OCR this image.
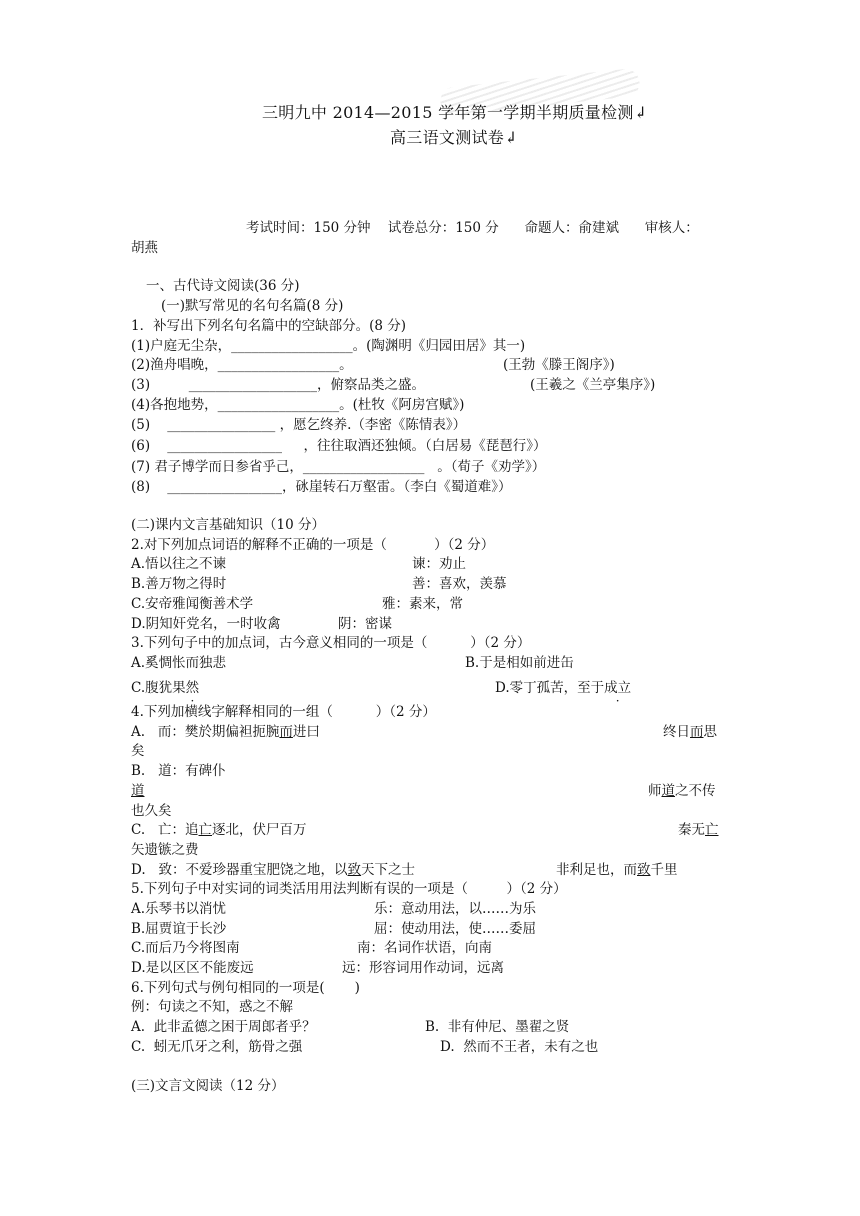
三明九中 2014—2015 学年第一学期半期质量检测↲
高三语文测试卷↲
考试时间：150 分钟    试卷总分：150 分      命题人：俞建斌      审核人：
胡燕
一、古代诗文阅读(36 分)
(一)默写常见的名句名篇(8 分)
1．补写出下列名句名篇中的空缺部分。(8 分)
(1)户庭无尘杂，__________________。(陶渊明《归园田居》其一)
(2)渔舟唱晚，__________________。	(王勃《滕王阁序》)
(3)         ___________________，俯察品类之盛。	(王羲之《兰亭集序》)
(4)各抱地势，__________________。(杜牧《阿房宫赋》)
(5)    ________________ ，愿乞终养.（李密《陈情表》）
(6)    _________________     ，往往取酒还独倾。（白居易《琵琶行》）
(7) 君子博学而日参省乎己，__________________   。（荀子《劝学》）
(8)    _________________，砯崖转石万壑雷。（李白《蜀道难》）
(二)课内文言基础知识（10 分）
2.对下列加点词语的解释不正确的一项是（           ）（2 分）
A.悟以往之不谏	谏：劝止
B.善万物之得时	善：喜欢，羡慕
C.安帝雅闻衡善术学	雅：素来，常
D.阴知奸党名，一时收禽	阴：密谋
3.下列句子中的加点词，古今意义相同的一项是（          ）（2 分）
A.奚惆怅而独悲	B.于是相如前进缶
C.腹犹果然	D.零丁孤苦，至于成立
4.下列加横线字解释相同的一组（          ）（2 分）
A.   而：樊於期偏袒扼腕而进曰	终日而思
矣
B.   道：有碑仆
道	师道之不传
也久矣
C.   亡：追亡逐北，伏尸百万	秦无亡
矢遗镞之费
D.   致：不爱珍器重宝肥饶之地，以致天下之士	非利足也，而致千里
5.下列句子中对实词的词类活用用法判断有误的一项是（         ）（2 分）
A.乐琴书以消忧	乐：意动用法，以……为乐
B.屈贾谊于长沙	屈：使动用法，使……委屈
C.而后乃今将图南	南：名词作状语，向南
D.是以区区不能废远	远：形容词用作动词，远离
6.下列句式与例句相同的一项是(       )
例：句读之不知，惑之不解
A.  此非孟德之困于周郎者乎？	B.  非有仲尼、墨翟之贤
C.  蚓无爪牙之利，筋骨之强	D.  然而不王者，未有之也
(三)文言文阅读（12 分）
